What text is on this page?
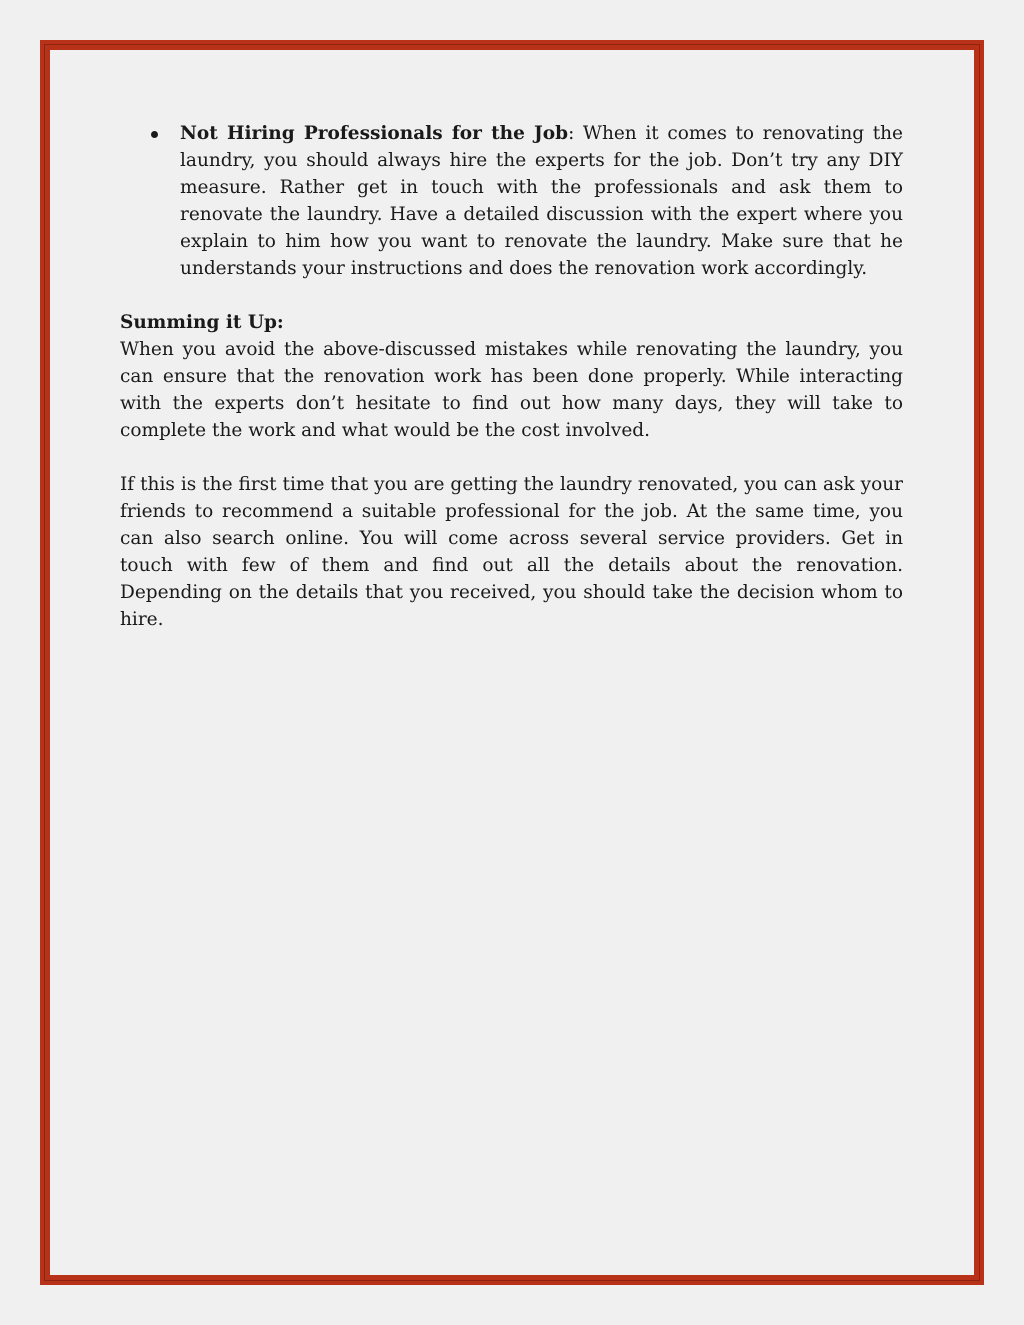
Not Hiring Professionals for the Job: When it comes to renovating the laundry, you should always hire the experts for the job. Don’t try any DIY measure. Rather get in touch with the professionals and ask them to renovate the laundry. Have a detailed discussion with the expert where you explain to him how you want to renovate the laundry. Make sure that he understands your instructions and does the renovation work accordingly.
Summing it Up:

When you avoid the above-discussed mistakes while renovating the laundry, you can ensure that the renovation work has been done properly. While interacting with the experts don’t hesitate to find out how many days, they will take to complete the work and what would be the cost involved.

If this is the first time that you are getting the laundry renovated, you can ask your friends to recommend a suitable professional for the job. At the same time, you can also search online. You will come across several service providers. Get in touch with few of them and find out all the details about the renovation. Depending on the details that you received, you should take the decision whom to hire.
